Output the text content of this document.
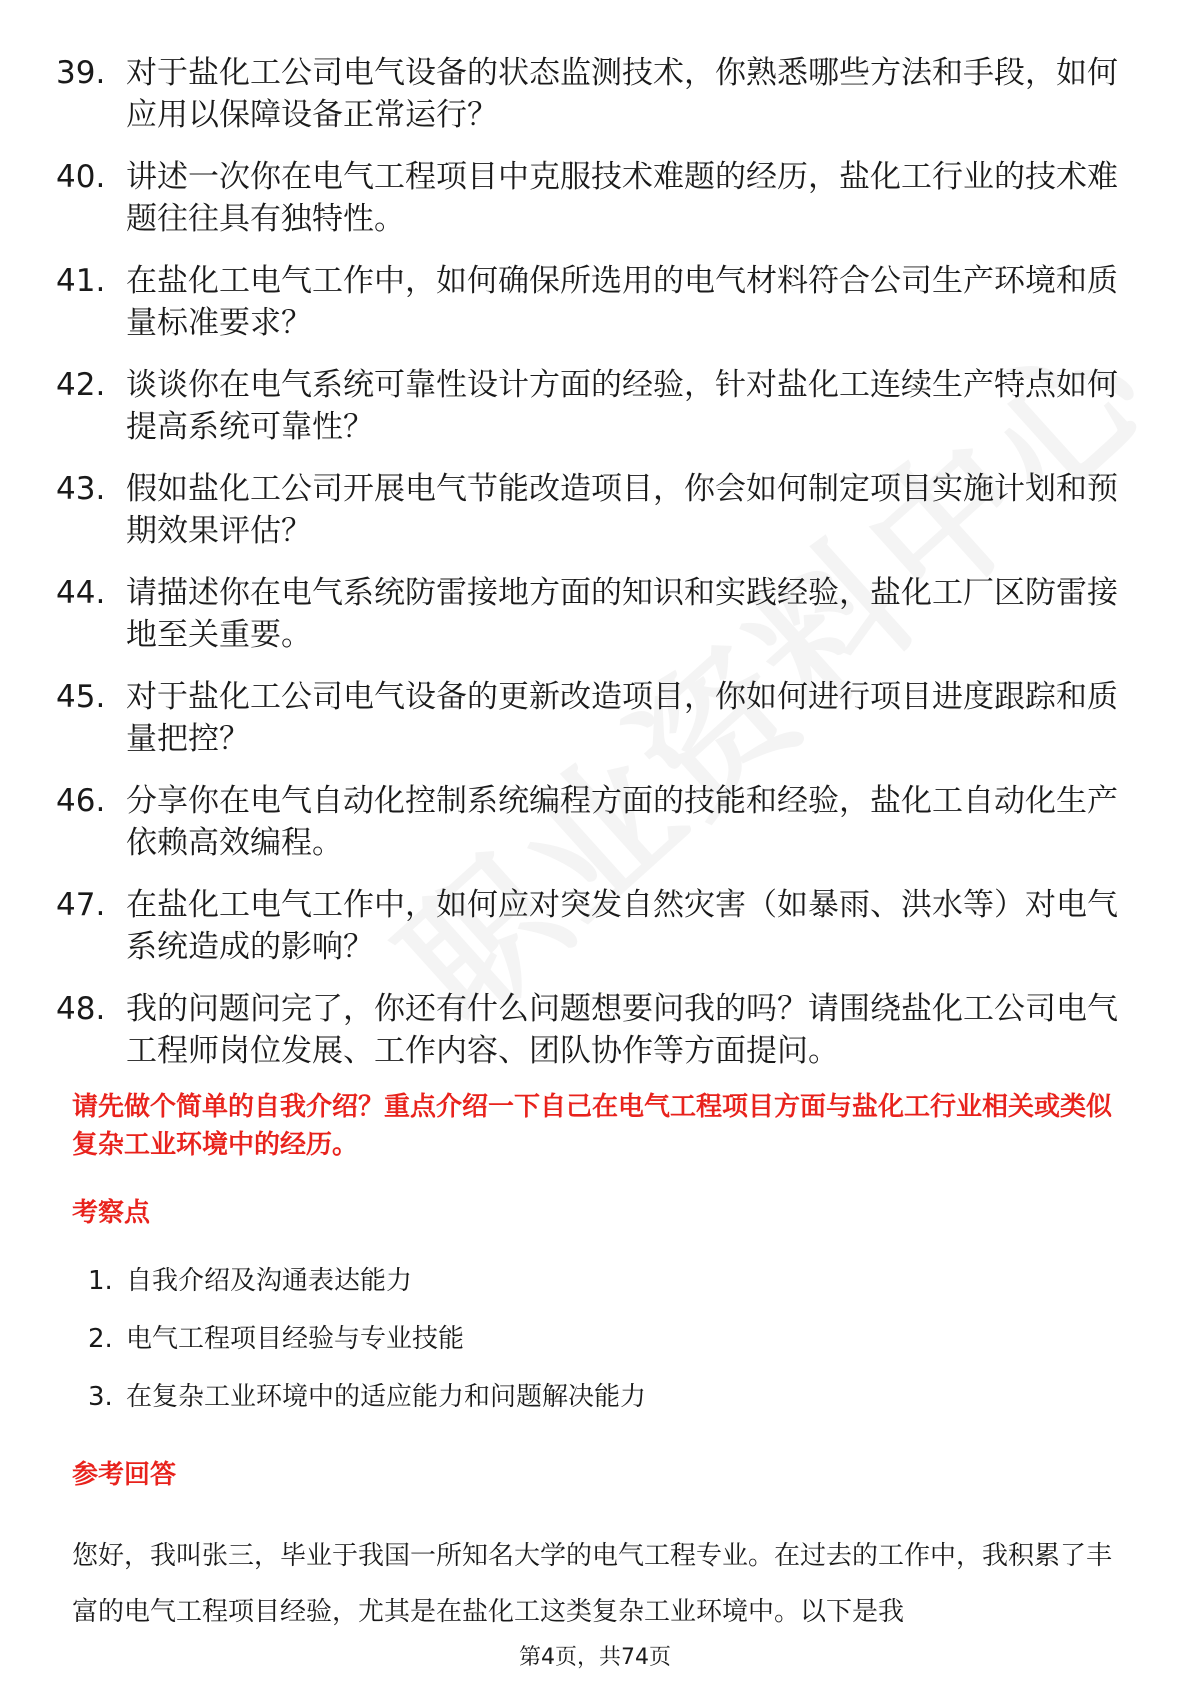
39. 对于盐化工公司电气设备的状态监测技术，你熟悉哪些方法和手段，如何应用以保障设备正常运行？
40. 讲述一次你在电气工程项目中克服技术难题的经历，盐化工行业的技术难题往往具有独特性。
41. 在盐化工电气工作中，如何确保所选用的电气材料符合公司生产环境和质量标准要求？
42. 谈谈你在电气系统可靠性设计方面的经验，针对盐化工连续生产特点如何提高系统可靠性？
43. 假如盐化工公司开展电气节能改造项目，你会如何制定项目实施计划和预期效果评估？
44. 请描述你在电气系统防雷接地方面的知识和实践经验，盐化工厂区防雷接地至关重要。
45. 对于盐化工公司电气设备的更新改造项目，你如何进行项目进度跟踪和质量把控？
46. 分享你在电气自动化控制系统编程方面的技能和经验，盐化工自动化生产依赖高效编程。
47. 在盐化工电气工作中，如何应对突发自然灾害（如暴雨、洪水等）对电气系统造成的影响？
48. 我的问题问完了，你还有什么问题想要问我的吗？请围绕盐化工公司电气工程师岗位发展、工作内容、团队协作等方面提问。
请先做个简单的自我介绍？重点介绍一下自己在电气工程项目方面与盐化工行业相关或类似复杂工业环境中的经历。
考察点
1. 自我介绍及沟通表达能力
2. 电气工程项目经验与专业技能
3. 在复杂工业环境中的适应能力和问题解决能力
参考回答
您好，我叫张三，毕业于我国一所知名大学的电气工程专业。在过去的工作中，我积累了丰富的电气工程项目经验，尤其是在盐化工这类复杂工业环境中。以下是我
第4页，共74页
